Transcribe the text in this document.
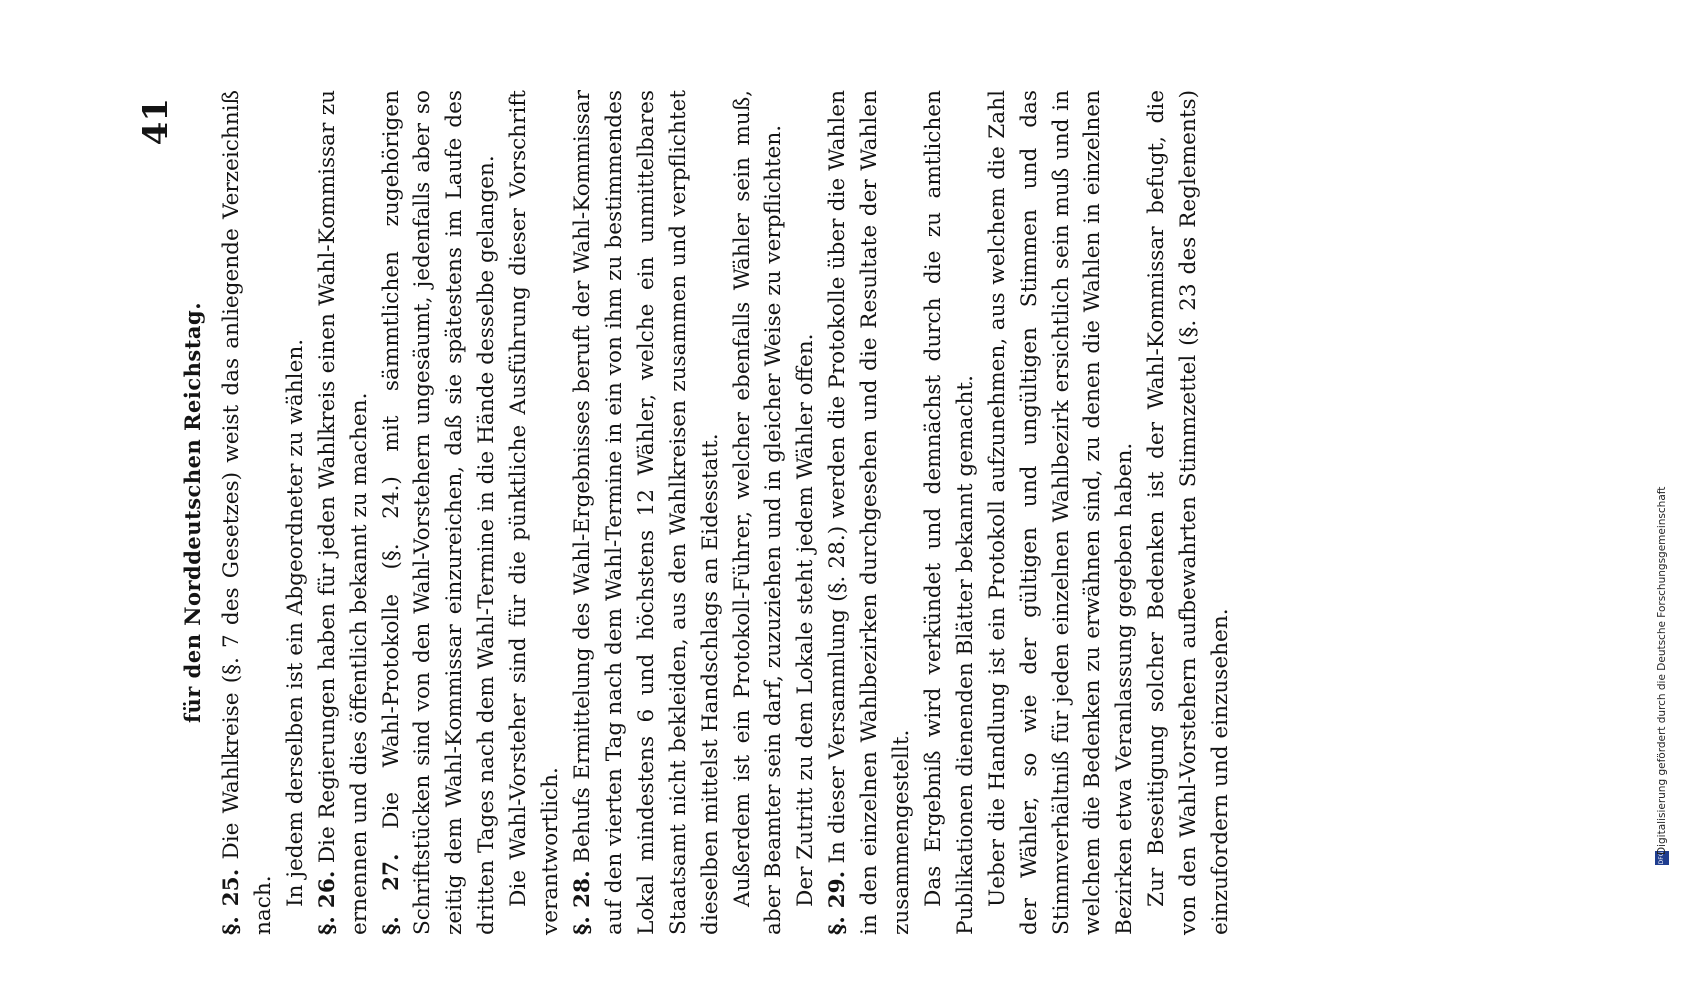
für den Norddeutschen Reichstag.
41

§. 25. Die Wahlkreise (§. 7 des Gesetzes) weist das anliegende Verzeichniß nach. In jedem derselben ist ein Abgeordneter zu wählen. §. 26. Die Regierungen haben für jeden Wahlkreis einen Wahl-Kommissar zu ernennen und dies öffentlich bekannt zu machen. §. 27. Die Wahl-Protokolle (§. 24.) mit sämmtlichen zugehörigen Schriftstücken sind von den Wahl-Vorstehern ungesäumt, jedenfalls aber so zeitig dem Wahl-Kommissar einzureichen, daß sie spätestens im Laufe des dritten Tages nach dem Wahl-Termine in die Hände desselbe gelangen. Die Wahl-Vorsteher sind für die pünktliche Ausführung dieser Vorschrift verantwortlich. §. 28. Behufs Ermittelung des Wahl-Ergebnisses beruft der Wahl-Kommissar auf den vierten Tag nach dem Wahl-Termine in ein von ihm zu bestimmendes Lokal mindestens 6 und höchstens 12 Wähler, welche ein unmittelbares Staatsamt nicht bekleiden, aus den Wahlkreisen zusammen und verpflichtet dieselben mittelst Handschlags an Eidesstatt. Außerdem ist ein Protokoll-Führer, welcher ebenfalls Wähler sein muß, aber Beamter sein darf, zuzuziehen und in gleicher Weise zu verpflichten. Der Zutritt zu dem Lokale steht jedem Wähler offen. §. 29. In dieser Versammlung (§. 28.) werden die Protokolle über die Wahlen in den einzelnen Wahlbezirken durchgesehen und die Resultate der Wahlen zusammengestellt. Das Ergebniß wird verkündet und demnächst durch die zu amtlichen Publikationen dienenden Blätter bekannt gemacht. Ueber die Handlung ist ein Protokoll aufzunehmen, aus welchem die Zahl der Wähler, so wie der gültigen und ungültigen Stimmen und das Stimmverhältniß für jeden einzelnen Wahlbezirk ersichtlich sein muß und in welchem die Bedenken zu erwähnen sind, zu denen die Wahlen in einzelnen Bezirken etwa Veranlassung gegeben haben. Zur Beseitigung solcher Bedenken ist der Wahl-Kommissar befugt, die von den Wahl-Vorstehern aufbewahrten Stimmzettel (§. 23 des Reglements) einzufordern und einzusehen.	DFG
Digitalisierung gefördert durch die Deutsche Forschungsgemeinschaft
